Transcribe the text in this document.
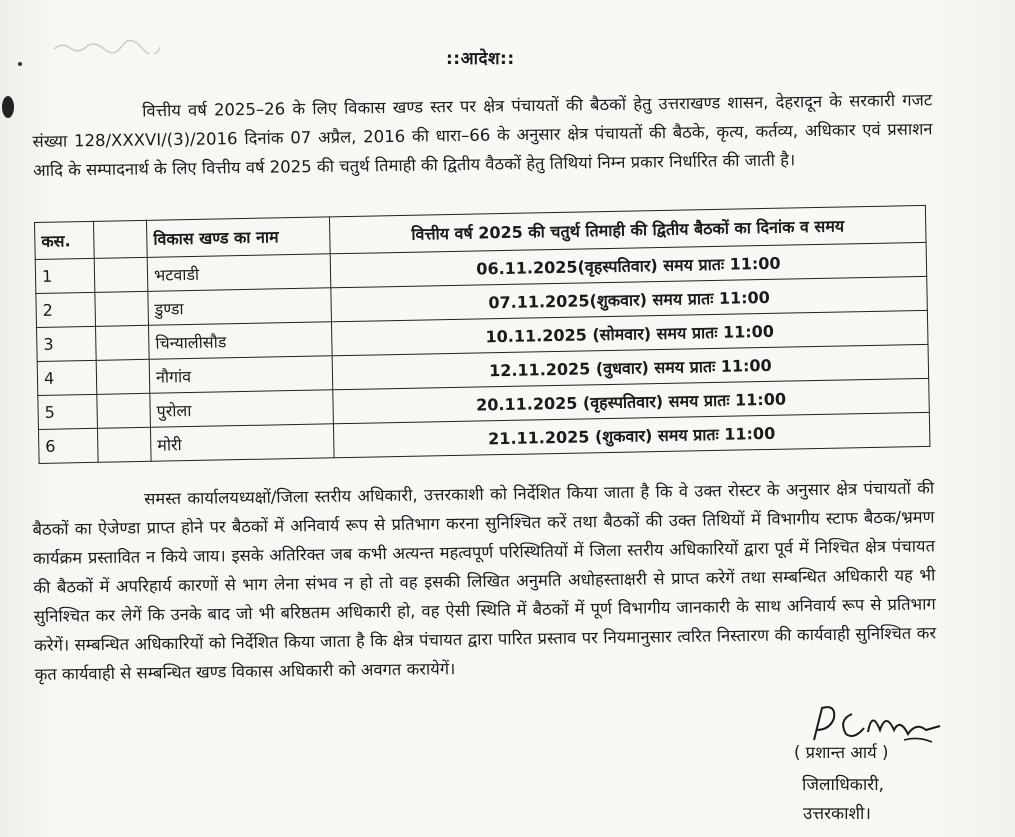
::आदेश::
वित्तीय वर्ष 2025–26 के लिए विकास खण्ड स्तर पर क्षेत्र पंचायतों की बैठकों हेतु उत्तराखण्ड शासन, देहरादून के सरकारी गजट संख्या 128/XXXVI/(3)/2016 दिनांक 07 अप्रैल, 2016 की धारा–66 के अनुसार क्षेत्र पंचायतों की बैठके, कृत्य, कर्तव्य, अधिकार एवं प्रसाशन आदि के सम्पादनार्थ के लिए वित्तीय वर्ष 2025 की चतुर्थ तिमाही की द्वितीय वैठकों हेतु तिथियां निम्न प्रकार निर्धारित की जाती है।
कस.		विकास खण्ड का नाम	वित्तीय वर्ष 2025 की चतुर्थ तिमाही की द्वितीय बैठकों का दिनांक व समय
1		भटवाडी	06.11.2025(वृहस्पतिवार) समय प्रातः 11:00
2		डुण्डा	07.11.2025(शुकवार) समय प्रातः 11:00
3		चिन्यालीसौड	10.11.2025 (सोमवार) समय प्रातः 11:00
4		नौगांव	12.11.2025 (वुधवार) समय प्रातः 11:00
5		पुरोला	20.11.2025 (वृहस्पतिवार) समय प्रातः 11:00
6		मोरी	21.11.2025 (शुकवार) समय प्रातः 11:00
समस्त कार्यालयध्यक्षों/जिला स्तरीय अधिकारी, उत्तरकाशी को निर्देशित किया जाता है कि वे उक्त रोस्टर के अनुसार क्षेत्र पंचायतों की बैठकों का ऐजेण्डा प्राप्त होने पर बैठकों में अनिवार्य रूप से प्रतिभाग करना सुनिश्चित करें तथा बैठकों की उक्त तिथियों में विभागीय स्टाफ बैठक/भ्रमण कार्यक्रम प्रस्तावित न किये जाय। इसके अतिरिक्त जब कभी अत्यन्त महत्वपूर्ण परिस्थितियों में जिला स्तरीय अधिकारियों द्वारा पूर्व में निश्चित क्षेत्र पंचायत की बैठकों में अपरिहार्य कारणों से भाग लेना संभव न हो तो वह इसकी लिखित अनुमति अधोहस्ताक्षरी से प्राप्त करेगें तथा सम्बन्धित अधिकारी यह भी सुनिश्चित कर लेगें कि उनके बाद जो भी बरिष्ठतम अधिकारी हो, वह ऐसी स्थिति में बैठकों में पूर्ण विभागीय जानकारी के साथ अनिवार्य रूप से प्रतिभाग करेगें। सम्बन्धित अधिकारियों को निर्देशित किया जाता है कि क्षेत्र पंचायत द्वारा पारित प्रस्ताव पर नियमानुसार त्वरित निस्तारण की कार्यवाही सुनिश्चित कर कृत कार्यवाही से सम्बन्धित खण्ड विकास अधिकारी को अवगत करायेगें।
( प्रशान्त आर्य )
जिलाधिकारी,
उत्तरकाशी।
